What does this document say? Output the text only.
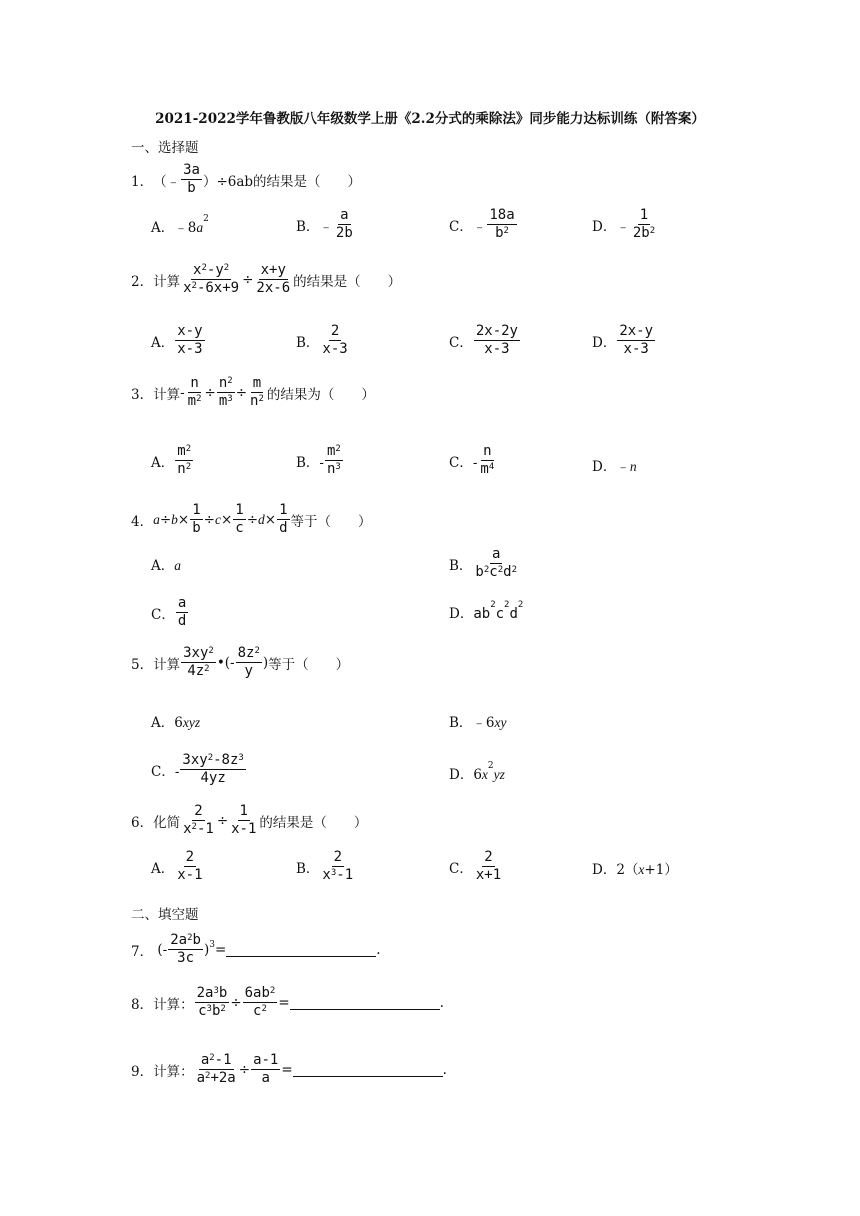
2021-2022学年鲁教版八年级数学上册《2.2分式的乘除法》同步能力达标训练（附答案）
一、选择题
1． （﹣ $\frac{3a}{b}$ ） ÷6ab的结果是（　　）
A．$﹣8a^2$	B．﹣ $\frac{a}{2b}$	C．﹣ $\frac{18a}{b^2}$	D．﹣ $\frac{1}{2b^2}$
2． 计算 $\frac{x^2-y^2}{x^2-6x+9} \div \frac{x+y}{2x-6}$ 的结果是（　　）
A． $\frac{x-y}{x-3}$	B． $\frac{2}{x-3}$	C． $\frac{2x-2y}{x-3}$	D． $\frac{2x-y}{x-3}$
3． 计算 - $\frac{n}{m^2} \div \frac{n^2}{m^3} \div \frac{m}{n^2}$ 的结果为（　　）
A． $\frac{m^2}{n^2}$	B．- $\frac{m^2}{n^3}$	C．- $\frac{n}{m^4}$	D．﹣n
4． $a\div b\times \frac{1}{b} \div c\times \frac{1}{c} \div d\times \frac{1}{d}$ 等于（　　）
A．a	B． $\frac{a}{b^2c^2d^2}$
C． $\frac{a}{d}$	D．$ab^2c^2d^2$
5． 计算 $\frac{3xy^2}{4z^2}$ •(- $\frac{8z^2}{y}$ ) 等于（　　）
A．6xyz	B．﹣6xy
C．- $\frac{3xy^2-8z^3}{4yz}$	D．$6x^2yz$
6． 化简 $\frac{2}{x^2-1} \div \frac{1}{x-1}$ 的结果是（　　）
A． $\frac{2}{x-1}$	B． $\frac{2}{x^3-1}$	C． $\frac{2}{x+1}$	D．2（x+1）
二、填空题
7． (- $\frac{2a^2b}{3c} )^3=$	.
8． 计算： $\frac{2a^3b}{c^3b^2} \div \frac{6ab^2}{c^2}$ =	.
9． 计算： $\frac{a^2-1}{a^2+2a} \div \frac{a-1}{a}$ =	.
